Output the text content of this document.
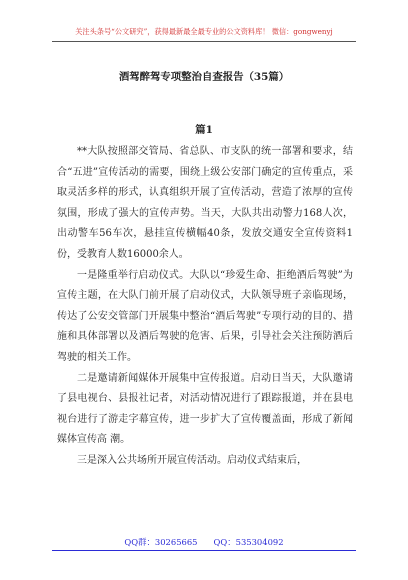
关注头条号“公文研究”，获得最新最全最专业的公文资料库！ 微信：gongwenyj
酒驾醉驾专项整治自查报告（35篇）
篇1

**大队按照部交管局、省总队、市支队的统一部署和要求，结合“五进”宣传活动的需要，围绕上级公安部门确定的宣传重点，采取灵活多样的形式，认真组织开展了宣传活动，营造了浓厚的宣传氛围，形成了强大的宣传声势。当天，大队共出动警力168人次，出动警车56车次，悬挂宣传横幅40条，发放交通安全宣传资料1份，受教育人数16000余人。

一是隆重举行启动仪式。大队以“珍爱生命、拒绝酒后驾驶”为宣传主题，在大队门前开展了启动仪式，大队领导班子亲临现场，传达了公安交管部门开展集中整治“酒后驾驶”专项行动的目的、措施和具体部署以及酒后驾驶的危害、后果，引导社会关注预防酒后驾驶的相关工作。

二是邀请新闻媒体开展集中宣传报道。启动日当天，大队邀请了县电视台、县报社记者，对活动情况进行了跟踪报道，并在县电视台进行了游走字幕宣传，进一步扩大了宣传覆盖面，形成了新闻媒体宣传高 潮。

三是深入公共场所开展宣传活动。启动仪式结束后，

QQ群：30265665 QQ：535304092
